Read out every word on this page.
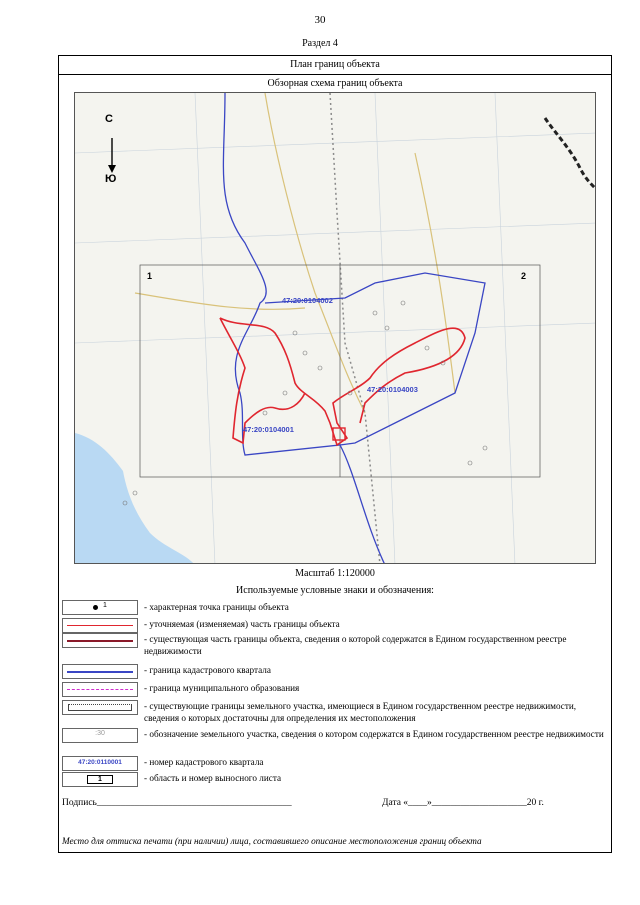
30
Раздел 4
План границ объекта
Обзорная схема границ объекта
С
Ю
1	2
47:20:0104002
47:20:0104003
47:20:0104001
Масштаб 1:120000
Используемые условные знаки и обозначения:
1
:30
47:20:0110001
1
- характерная точка границы объекта
- уточняемая (изменяемая) часть границы объекта
- существующая часть границы объекта, сведения о которой содержатся в Едином государственном реестре недвижимости
- граница кадастрового квартала
- граница муниципального образования
- существующие границы земельного участка, имеющиеся в Едином государственном реестре недвижимости, сведения о которых достаточны для определения их местоположения
- обозначение земельного участка, сведения о котором содержатся в Едином государственном реестре недвижимости
- номер кадастрового квартала
- область и номер выносного листа
Подпись_________________________________________	Дата «____»____________________20 г.
Место для оттиска печати (при наличии) лица, составившего описание местоположения границ объекта
